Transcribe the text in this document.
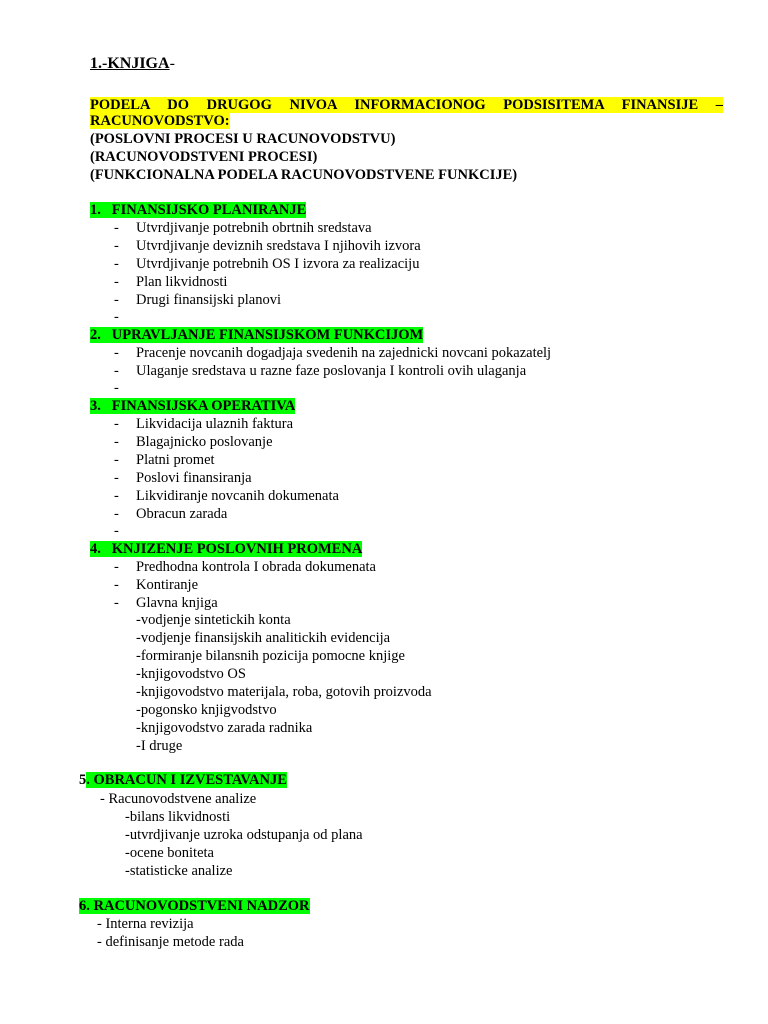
1.-KNJIGA-
PODELA DO DRUGOG NIVOA INFORMACIONOG PODSISITEMA FINANSIJE –
RACUNOVODSTVO:
(POSLOVNI PROCESI U RACUNOVODSTVU)
(RACUNOVODSTVENI PROCESI)
(FUNKCIONALNA PODELA RACUNOVODSTVENE FUNKCIJE)
1. FINANSIJSKO PLANIRANJE
-	Utvrdjivanje potrebnih obrtnih sredstava
-	Utvrdjivanje deviznih sredstava I njihovih izvora
-	Utvrdjivanje potrebnih OS I izvora za realizaciju
-	Plan likvidnosti
-	Drugi finansijski planovi
-
2. UPRAVLJANJE FINANSIJSKOM FUNKCIJOM
-	Pracenje novcanih dogadjaja svedenih na zajednicki novcani pokazatelj
-	Ulaganje sredstava u razne faze poslovanja I kontroli ovih ulaganja
-
3. FINANSIJSKA OPERATIVA
-	Likvidacija ulaznih faktura
-	Blagajnicko poslovanje
-	Platni promet
-	Poslovi finansiranja
-	Likvidiranje novcanih dokumenata
-	Obracun zarada
-
4. KNJIZENJE POSLOVNIH PROMENA
-	Predhodna kontrola I obrada dokumenata
-	Kontiranje
-	Glavna knjiga
-vodjenje sintetickih konta
-vodjenje finansijskih analitickih evidencija
-formiranje bilansnih pozicija pomocne knjige
-knjigovodstvo OS
-knjigovodstvo materijala, roba, gotovih proizvoda
-pogonsko knjigvodstvo
-knjigovodstvo zarada radnika
-I druge
5. OBRACUN I IZVESTAVANJE
- Racunovodstvene analize
-bilans likvidnosti
-utvrdjivanje uzroka odstupanja od plana
-ocene boniteta
-statisticke analize
6. RACUNOVODSTVENI NADZOR
- Interna revizija
- definisanje metode rada
